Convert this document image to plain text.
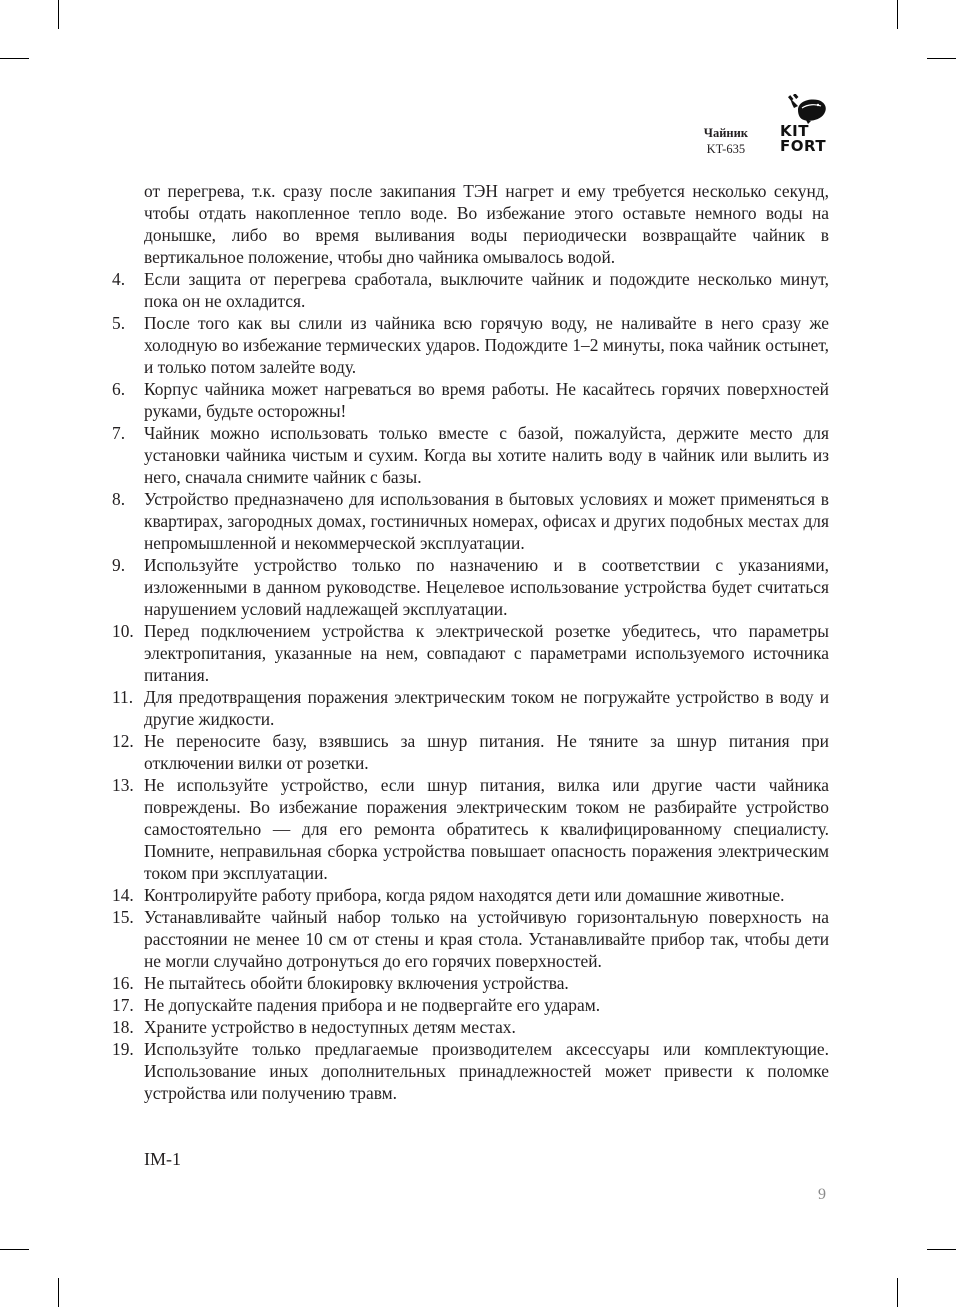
Чайник
KT-635
KIT
FORT

от перегрева, т.к. сразу после закипания ТЭН нагрет и ему требуется несколько секунд, чтобы отдать накопленное тепло воде. Во избежание этого оставьте немного воды на донышке, либо во время выливания воды периодически возвращайте чайник в вертикальное положение, чтобы дно чайника омывалось водой.

4. Если защита от перегрева сработала, выключите чайник и подождите несколько минут, пока он не охладится.
5. После того как вы слили из чайника всю горячую воду, не наливайте в него сразу же холодную во избежание термических ударов. Подождите 1–2 минуты, пока чайник остынет, и только потом залейте воду.
6. Корпус чайника может нагреваться во время работы. Не касайтесь горячих поверхностей руками, будьте осторожны!
7. Чайник можно использовать только вместе с базой, пожалуйста, держите место для установки чайника чистым и сухим. Когда вы хотите налить воду в чайник или вылить из него, сначала снимите чайник с базы.
8. Устройство предназначено для использования в бытовых условиях и может применяться в квартирах, загородных домах, гостиничных номерах, офисах и других подобных местах для непромышленной и некоммерческой эксплуатации.
9. Используйте устройство только по назначению и в соответствии с указаниями, изложенными в данном руководстве. Нецелевое использование устройства будет считаться нарушением условий надлежащей эксплуатации.
10. Перед подключением устройства к электрической розетке убедитесь, что параметры электропитания, указанные на нем, совпадают с параметрами используемого источника питания.
11. Для предотвращения поражения электрическим током не погружайте устройство в воду и другие жидкости.
12. Не переносите базу, взявшись за шнур питания. Не тяните за шнур питания при отключении вилки от розетки.
13. Не используйте устройство, если шнур питания, вилка или другие части чайника повреждены. Во избежание поражения электрическим током не разбирайте устройство самостоятельно — для его ремонта обратитесь к квалифицированному специалисту. Помните, неправильная сборка устройства повышает опасность поражения электрическим током при эксплуатации.
14. Контролируйте работу прибора, когда рядом находятся дети или домашние животные.
15. Устанавливайте чайный набор только на устойчивую горизонтальную поверхность на расстоянии не менее 10 см от стены и края стола. Устанавливайте прибор так, чтобы дети не могли случайно дотронуться до его горячих поверхностей.
16. Не пытайтесь обойти блокировку включения устройства.
17. Не допускайте падения прибора и не подвергайте его ударам.
18. Храните устройство в недоступных детям местах.
19. Используйте только предлагаемые производителем аксессуары или комплектующие. Использование иных дополнительных принадлежностей может привести к поломке устройства или получению травм.
IM-1
9
